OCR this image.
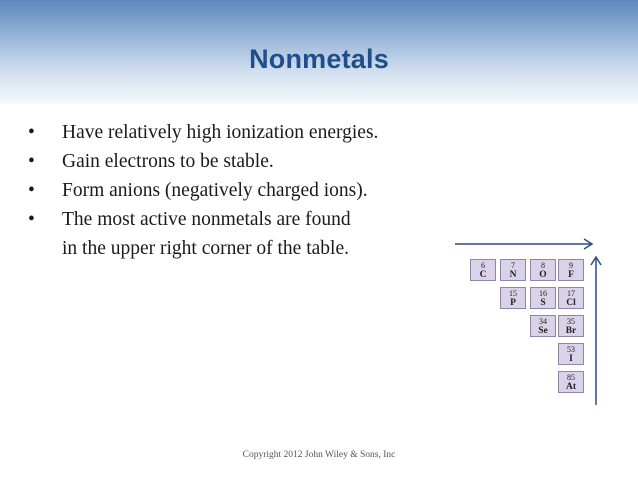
Nonmetals
• Have relatively high ionization energies.
• Gain electrons to be stable.
• Form anions (negatively charged ions).
• The most active nonmetals are found
in the upper right corner of the table.
6
C
7
N
8
O
9
F
15
P
16
S
17
Cl
34
Se
35
Br
53
I
85
At
Copyright 2012 John Wiley & Sons, Inc
